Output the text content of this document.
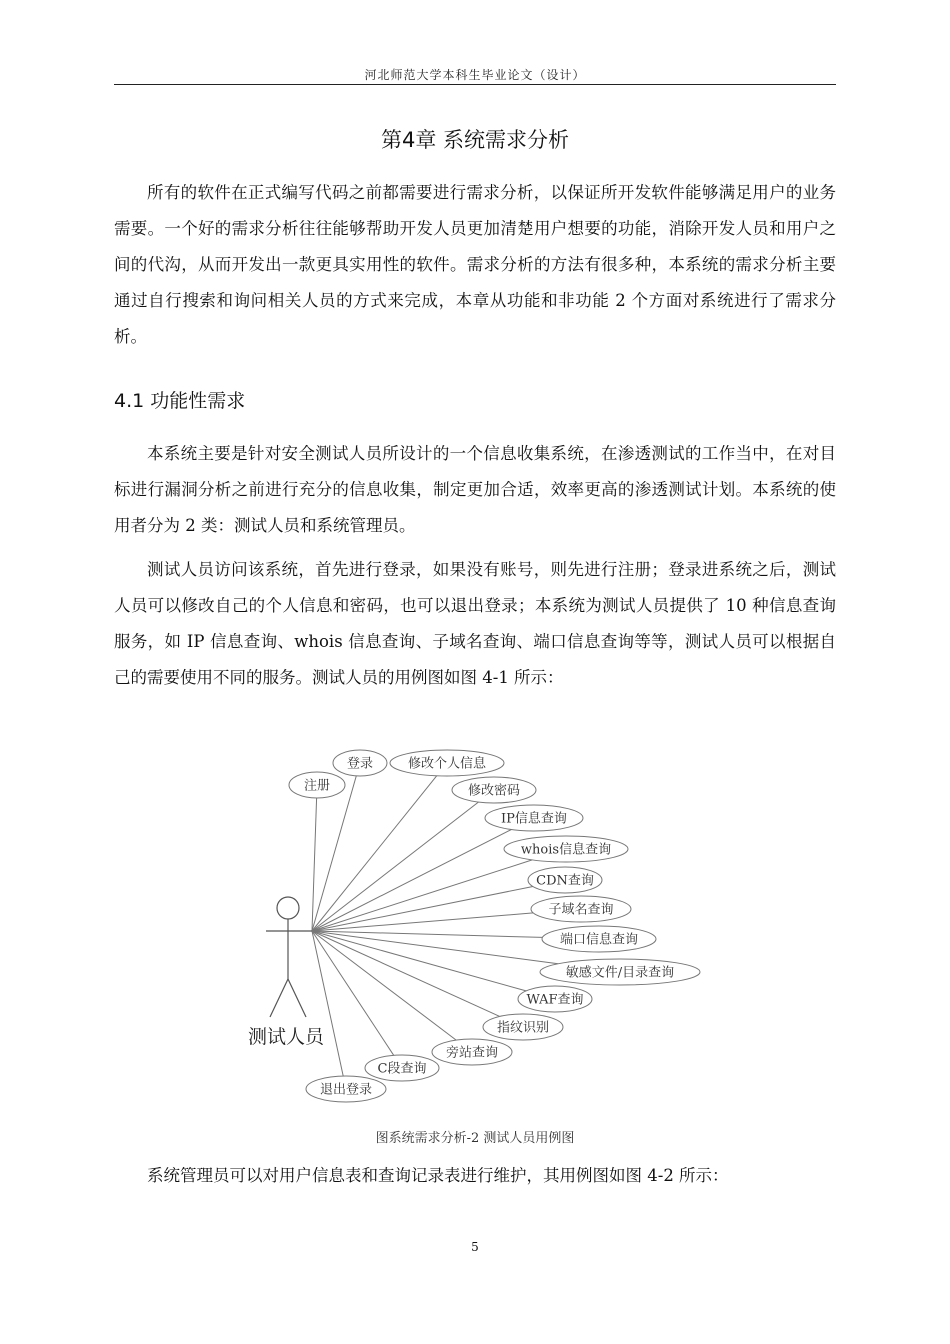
河北师范大学本科生毕业论文（设计）
第4章 系统需求分析

所有的软件在正式编写代码之前都需要进行需求分析，以保证所开发软件能够满足用户的业务需要。一个好的需求分析往往能够帮助开发人员更加清楚用户想要的功能，消除开发人员和用户之间的代沟，从而开发出一款更具实用性的软件。需求分析的方法有很多种，本系统的需求分析主要通过自行搜索和询问相关人员的方式来完成，本章从功能和非功能 2 个方面对系统进行了需求分析。

4.1 功能性需求

本系统主要是针对安全测试人员所设计的一个信息收集系统，在渗透测试的工作当中，在对目标进行漏洞分析之前进行充分的信息收集，制定更加合适，效率更高的渗透测试计划。本系统的使用者分为 2 类：测试人员和系统管理员。

测试人员访问该系统，首先进行登录，如果没有账号，则先进行注册；登录进系统之后，测试人员可以修改自己的个人信息和密码，也可以退出登录；本系统为测试人员提供了 10 种信息查询服务，如 IP 信息查询、whois 信息查询、子域名查询、端口信息查询等等，测试人员可以根据自己的需要使用不同的服务。测试人员的用例图如图 4-1 所示：

测试人员
注册
登录	修改个人信息
修改密码
IP信息查询
whois信息查询
CDN查询
子域名查询
端口信息查询
敏感文件/目录查询
WAF查询
指纹识别
旁站查询
C段查询
退出登录

图系统需求分析-2 测试人员用例图

系统管理员可以对用户信息表和查询记录表进行维护，其用例图如图 4-2 所示：

5
